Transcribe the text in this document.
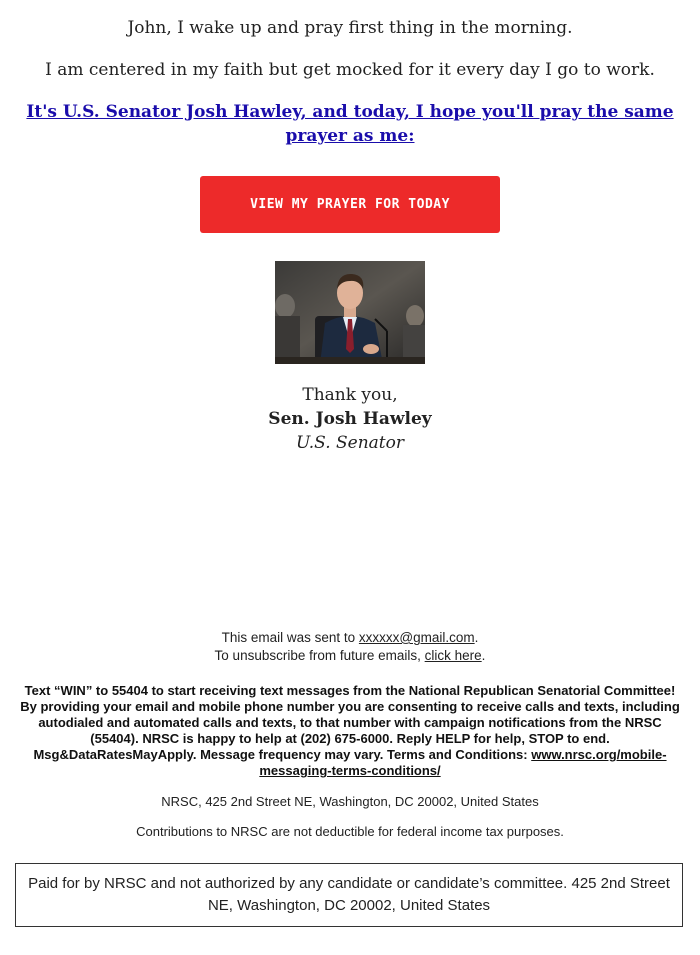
John, I wake up and pray first thing in the morning.
I am centered in my faith but get mocked for it every day I go to work.
It's U.S. Senator Josh Hawley, and today, I hope you'll pray the same prayer as me:
VIEW MY PRAYER FOR TODAY
Thank you,
Sen. Josh Hawley
U.S. Senator
This email was sent to xxxxxx@gmail.com.
To unsubscribe from future emails, click here.
Text “WIN” to 55404 to start receiving text messages from the National Republican Senatorial Committee! By providing your email and mobile phone number you are consenting to receive calls and texts, including autodialed and automated calls and texts, to that number with campaign notifications from the NRSC (55404). NRSC is happy to help at (202) 675-6000. Reply HELP for help, STOP to end. Msg&DataRatesMayApply. Message frequency may vary. Terms and Conditions: www.nrsc.org/mobile-messaging-terms-conditions/
NRSC, 425 2nd Street NE, Washington, DC 20002, United States
Contributions to NRSC are not deductible for federal income tax purposes.
Paid for by NRSC and not authorized by any candidate or candidate’s committee. 425 2nd Street NE, Washington, DC 20002, United States
